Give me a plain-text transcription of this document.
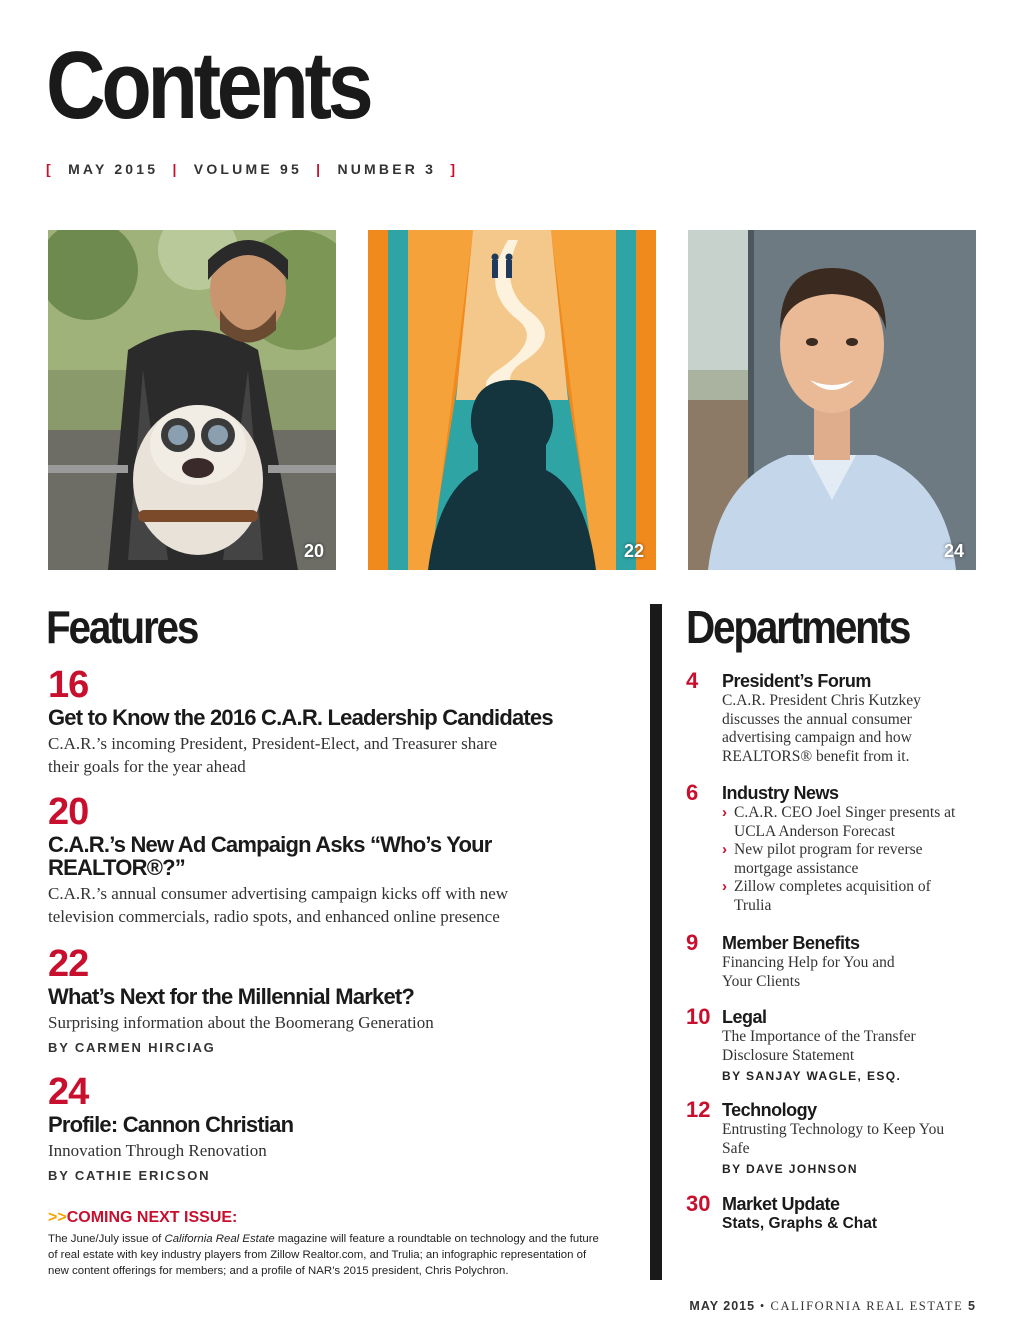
Contents
[ MAY 2015 | VOLUME 95 | NUMBER 3 ]
20	22	24
Features
16
Get to Know the 2016 C.A.R. Leadership Candidates
C.A.R.’s incoming President, President-Elect, and Treasurer share their goals for the year ahead
20
C.A.R.’s New Ad Campaign Asks “Who’s Your REALTOR®?”
C.A.R.’s annual consumer advertising campaign kicks off with new television commercials, radio spots, and enhanced online presence
22
What’s Next for the Millennial Market?
Surprising information about the Boomerang Generation
BY CARMEN HIRCIAG
24
Profile: Cannon Christian
Innovation Through Renovation
BY CATHIE ERICSON
>>COMING NEXT ISSUE:
The June/July issue of California Real Estate magazine will feature a roundtable on technology and the future of real estate with key industry players from Zillow Realtor.com, and Trulia; an infographic representation of new content offerings for members; and a profile of NAR’s 2015 president, Chris Polychron.
Departments
4	President’s Forum
C.A.R. President Chris Kutzkey discusses the annual consumer advertising campaign and how REALTORS® benefit from it.
6	Industry News
› C.A.R. CEO Joel Singer presents at UCLA Anderson Forecast
› New pilot program for reverse mortgage assistance
› Zillow completes acquisition of Trulia
9	Member Benefits
Financing Help for You and Your Clients
10 Legal
The Importance of the Transfer Disclosure Statement
BY SANJAY WAGLE, ESQ.
12 Technology
Entrusting Technology to Keep You Safe
BY DAVE JOHNSON
30 Market Update
Stats, Graphs & Chat
MAY 2015 • CALIFORNIA REAL ESTATE 5
